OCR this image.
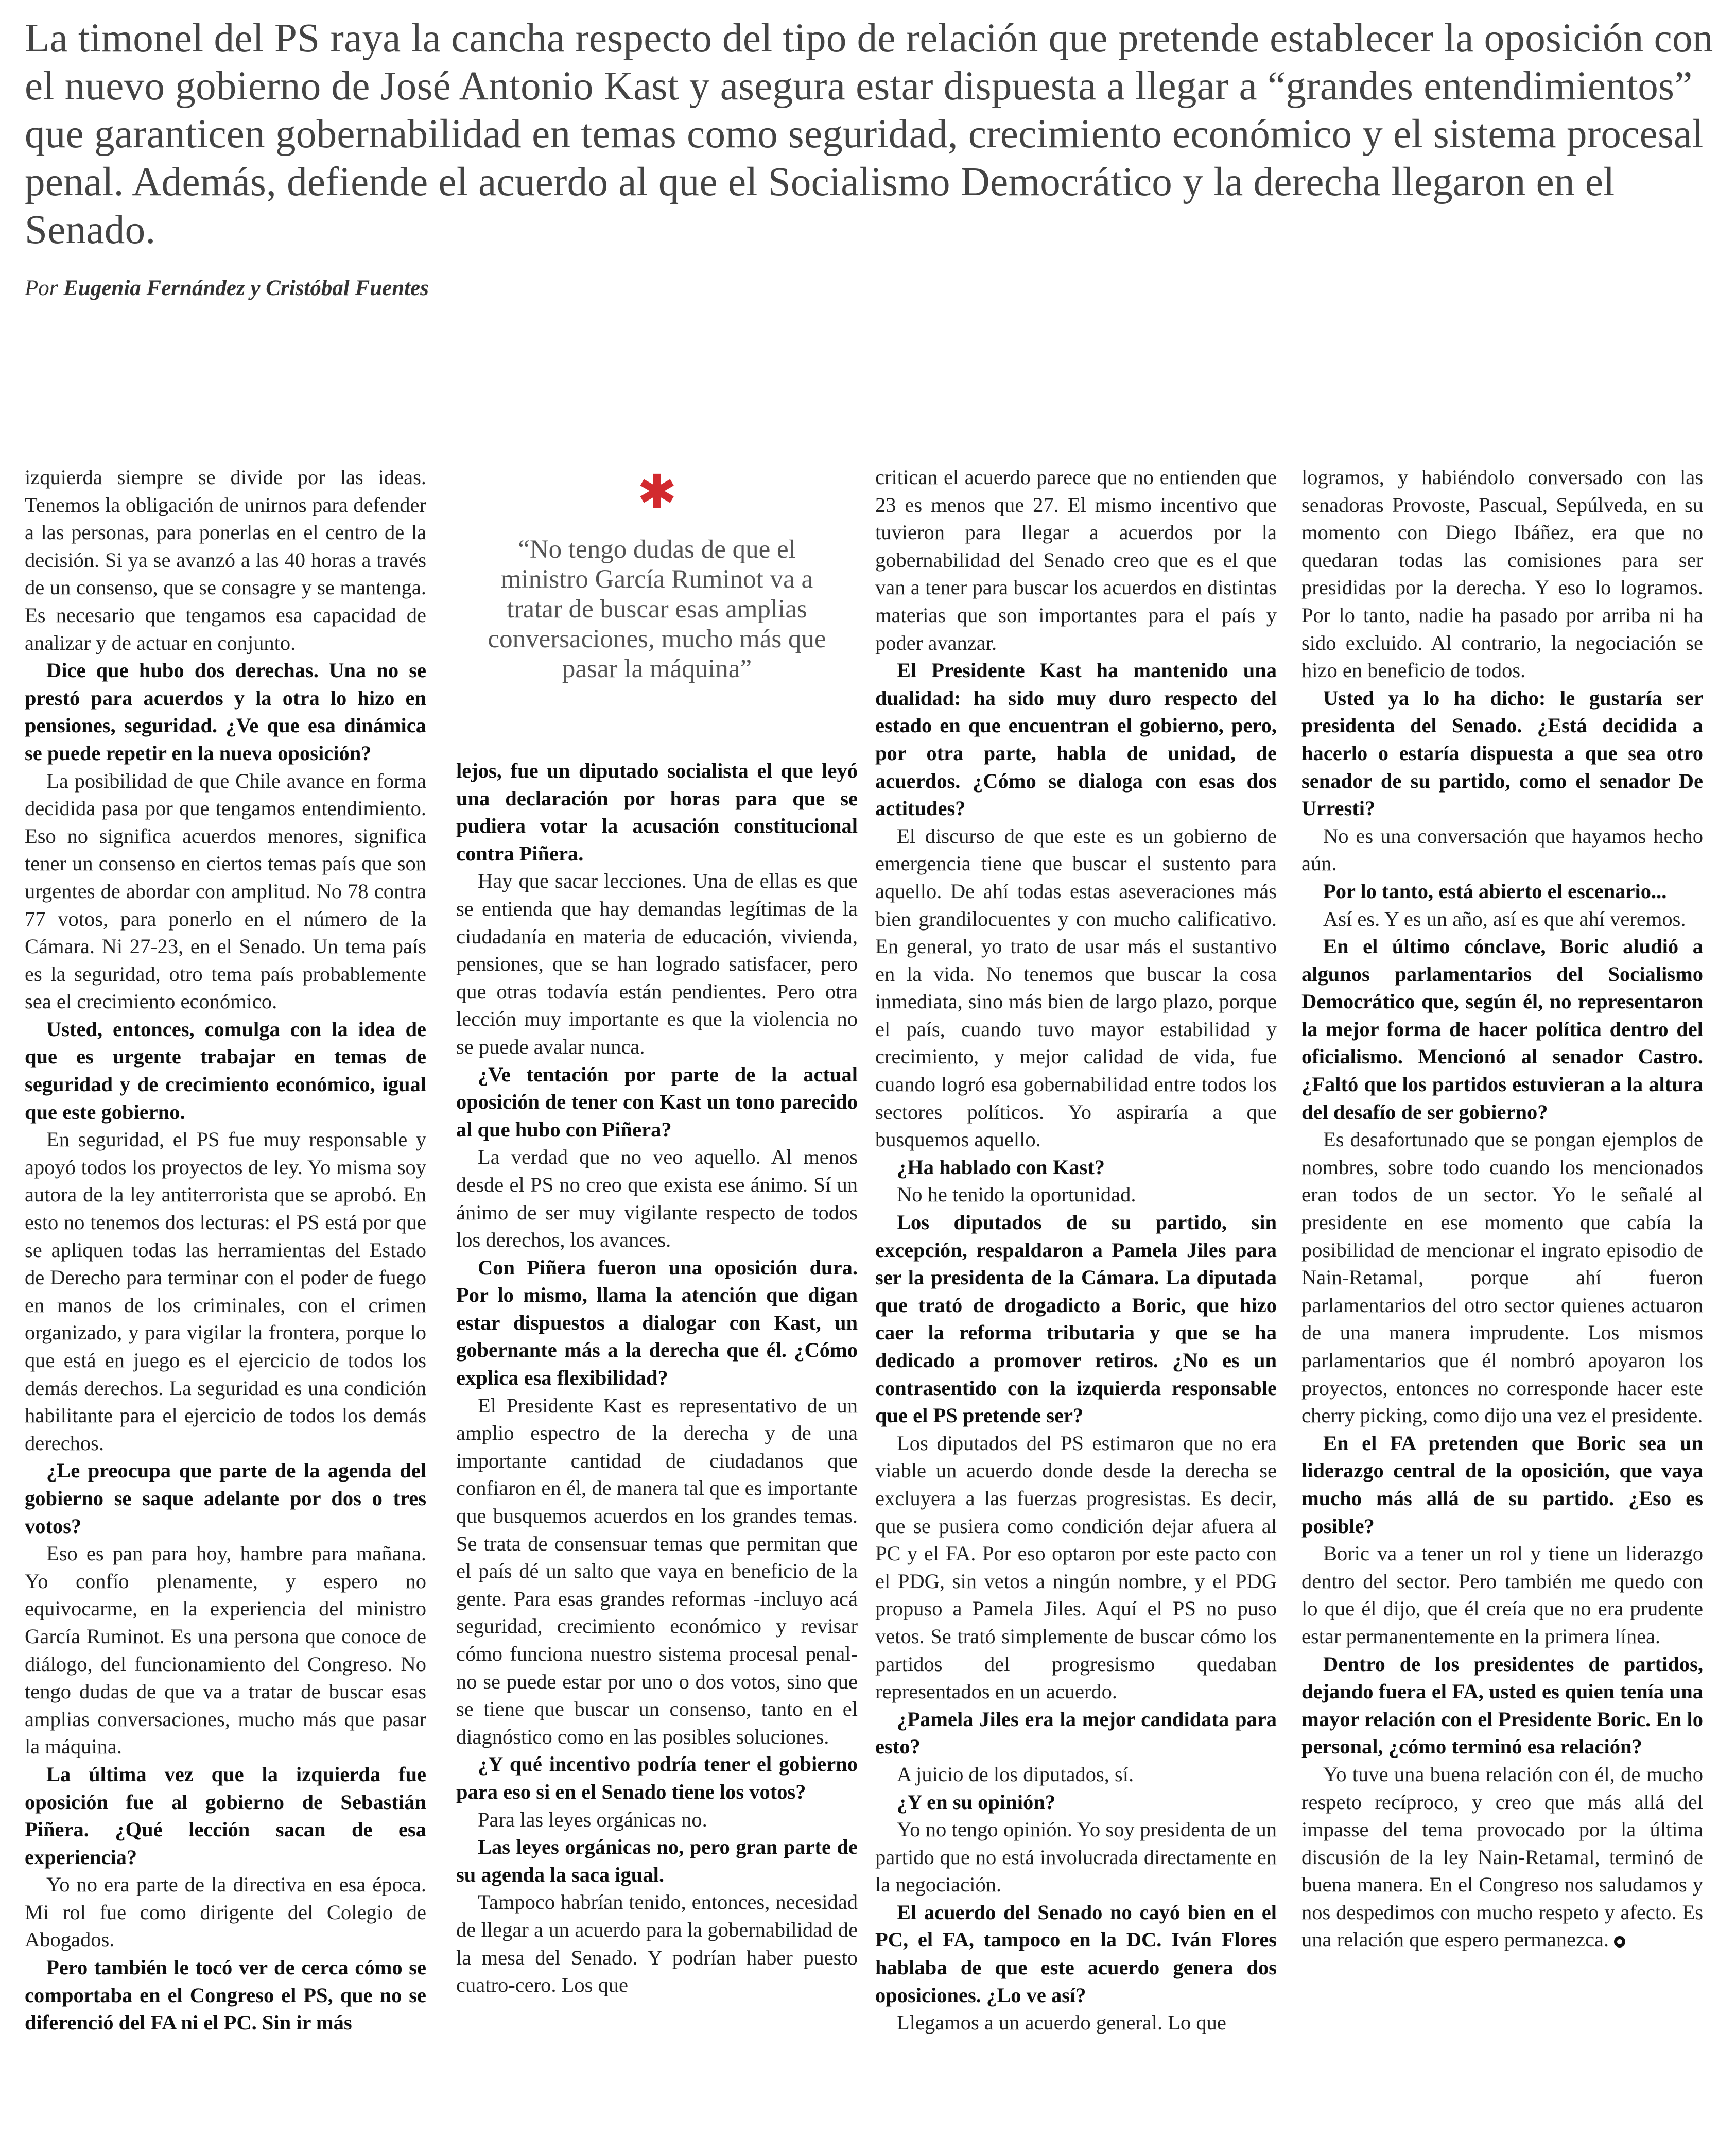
La timonel del PS raya la cancha respecto del tipo de relación que pretende establecer la oposición con el nuevo gobierno de José Antonio Kast y asegura estar dispuesta a llegar a “grandes entendimientos” que garanticen gobernabilidad en temas como seguridad, crecimiento económico y el sistema procesal penal. Además, defiende el acuerdo al que el Socialismo Democrático y la derecha llegaron en el Senado.
Por Eugenia Fernández y Cristóbal Fuentes

izquierda siempre se divide por las ideas. Tenemos la obligación de unirnos para defender a las personas, para ponerlas en el centro de la decisión. Si ya se avanzó a las 40 horas a través de un consenso, que se consagre y se mantenga. Es necesario que tengamos esa capacidad de analizar y de actuar en conjunto.

Dice que hubo dos derechas. Una no se prestó para acuerdos y la otra lo hizo en pensiones, seguridad. ¿Ve que esa dinámica se puede repetir en la nueva oposición?

La posibilidad de que Chile avance en forma decidida pasa por que tengamos entendimiento. Eso no significa acuerdos menores, significa tener un consenso en ciertos temas país que son urgentes de abordar con amplitud. No 78 contra 77 votos, para ponerlo en el número de la Cámara. Ni 27-23, en el Senado. Un tema país es la seguridad, otro tema país probablemente sea el crecimiento económico.

Usted, entonces, comulga con la idea de que es urgente trabajar en temas de seguridad y de crecimiento económico, igual que este gobierno.

En seguridad, el PS fue muy responsable y apoyó todos los proyectos de ley. Yo misma soy autora de la ley antiterrorista que se aprobó. En esto no tenemos dos lecturas: el PS está por que se apliquen todas las herramientas del Estado de Derecho para terminar con el poder de fuego en manos de los criminales, con el crimen organizado, y para vigilar la frontera, porque lo que está en juego es el ejercicio de todos los demás derechos. La seguridad es una condición habilitante para el ejercicio de todos los demás derechos.

¿Le preocupa que parte de la agenda del gobierno se saque adelante por dos o tres votos?

Eso es pan para hoy, hambre para mañana. Yo confío plenamente, y espero no equivocarme, en la experiencia del ministro García Ruminot. Es una persona que conoce de diálogo, del funcionamiento del Congreso. No tengo dudas de que va a tratar de buscar esas amplias conversaciones, mucho más que pasar la máquina.

La última vez que la izquierda fue oposición fue al gobierno de Sebastián Piñera. ¿Qué lección sacan de esa experiencia?

Yo no era parte de la directiva en esa época. Mi rol fue como dirigente del Colegio de Abogados.

Pero también le tocó ver de cerca cómo se comportaba en el Congreso el PS, que no se diferenció del FA ni el PC. Sin ir más

✱
“No tengo dudas de que el ministro García Ruminot va a tratar de buscar esas amplias conversaciones, mucho más que pasar la máquina”

lejos, fue un diputado socialista el que leyó una declaración por horas para que se pudiera votar la acusación constitucional contra Piñera.

Hay que sacar lecciones. Una de ellas es que se entienda que hay demandas legítimas de la ciudadanía en materia de educación, vivienda, pensiones, que se han logrado satisfacer, pero que otras todavía están pendientes. Pero otra lección muy importante es que la violencia no se puede avalar nunca.

¿Ve tentación por parte de la actual oposición de tener con Kast un tono parecido al que hubo con Piñera?

La verdad que no veo aquello. Al menos desde el PS no creo que exista ese ánimo. Sí un ánimo de ser muy vigilante respecto de todos los derechos, los avances.

Con Piñera fueron una oposición dura. Por lo mismo, llama la atención que digan estar dispuestos a dialogar con Kast, un gobernante más a la derecha que él. ¿Cómo explica esa flexibilidad?

El Presidente Kast es representativo de un amplio espectro de la derecha y de una importante cantidad de ciudadanos que confiaron en él, de manera tal que es importante que busquemos acuerdos en los grandes temas. Se trata de consensuar temas que permitan que el país dé un salto que vaya en beneficio de la gente. Para esas grandes reformas -incluyo acá seguridad, crecimiento económico y revisar cómo funciona nuestro sistema procesal penal- no se puede estar por uno o dos votos, sino que se tiene que buscar un consenso, tanto en el diagnóstico como en las posibles soluciones.

¿Y qué incentivo podría tener el gobierno para eso si en el Senado tiene los votos?

Para las leyes orgánicas no.

Las leyes orgánicas no, pero gran parte de su agenda la saca igual.

Tampoco habrían tenido, entonces, necesidad de llegar a un acuerdo para la gobernabilidad de la mesa del Senado. Y podrían haber puesto cuatro-cero. Los que

critican el acuerdo parece que no entienden que 23 es menos que 27. El mismo incentivo que tuvieron para llegar a acuerdos por la gobernabilidad del Senado creo que es el que van a tener para buscar los acuerdos en distintas materias que son importantes para el país y poder avanzar.

El Presidente Kast ha mantenido una dualidad: ha sido muy duro respecto del estado en que encuentran el gobierno, pero, por otra parte, habla de unidad, de acuerdos. ¿Cómo se dialoga con esas dos actitudes?

El discurso de que este es un gobierno de emergencia tiene que buscar el sustento para aquello. De ahí todas estas aseveraciones más bien grandilocuentes y con mucho calificativo. En general, yo trato de usar más el sustantivo en la vida. No tenemos que buscar la cosa inmediata, sino más bien de largo plazo, porque el país, cuando tuvo mayor estabilidad y crecimiento, y mejor calidad de vida, fue cuando logró esa gobernabilidad entre todos los sectores políticos. Yo aspiraría a que busquemos aquello.

¿Ha hablado con Kast?

No he tenido la oportunidad.

Los diputados de su partido, sin excepción, respaldaron a Pamela Jiles para ser la presidenta de la Cámara. La diputada que trató de drogadicto a Boric, que hizo caer la reforma tributaria y que se ha dedicado a promover retiros. ¿No es un contrasentido con la izquierda responsable que el PS pretende ser?

Los diputados del PS estimaron que no era viable un acuerdo donde desde la derecha se excluyera a las fuerzas progresistas. Es decir, que se pusiera como condición dejar afuera al PC y el FA. Por eso optaron por este pacto con el PDG, sin vetos a ningún nombre, y el PDG propuso a Pamela Jiles. Aquí el PS no puso vetos. Se trató simplemente de buscar cómo los partidos del progresismo quedaban representados en un acuerdo.

¿Pamela Jiles era la mejor candidata para esto?

A juicio de los diputados, sí.

¿Y en su opinión?

Yo no tengo opinión. Yo soy presidenta de un partido que no está involucrada directamente en la negociación.

El acuerdo del Senado no cayó bien en el PC, el FA, tampoco en la DC. Iván Flores hablaba de que este acuerdo genera dos oposiciones. ¿Lo ve así?

Llegamos a un acuerdo general. Lo que

logramos, y habiéndolo conversado con las senadoras Provoste, Pascual, Sepúlveda, en su momento con Diego Ibáñez, era que no quedaran todas las comisiones para ser presididas por la derecha. Y eso lo logramos. Por lo tanto, nadie ha pasado por arriba ni ha sido excluido. Al contrario, la negociación se hizo en beneficio de todos.

Usted ya lo ha dicho: le gustaría ser presidenta del Senado. ¿Está decidida a hacerlo o estaría dispuesta a que sea otro senador de su partido, como el senador De Urresti?

No es una conversación que hayamos hecho aún.

Por lo tanto, está abierto el escenario...

Así es. Y es un año, así es que ahí veremos.

En el último cónclave, Boric aludió a algunos parlamentarios del Socialismo Democrático que, según él, no representaron la mejor forma de hacer política dentro del oficialismo. Mencionó al senador Castro. ¿Faltó que los partidos estuvieran a la altura del desafío de ser gobierno?

Es desafortunado que se pongan ejemplos de nombres, sobre todo cuando los mencionados eran todos de un sector. Yo le señalé al presidente en ese momento que cabía la posibilidad de mencionar el ingrato episodio de Nain-Retamal, porque ahí fueron parlamentarios del otro sector quienes actuaron de una manera imprudente. Los mismos parlamentarios que él nombró apoyaron los proyectos, entonces no corresponde hacer este cherry picking, como dijo una vez el presidente.

En el FA pretenden que Boric sea un liderazgo central de la oposición, que vaya mucho más allá de su partido. ¿Eso es posible?

Boric va a tener un rol y tiene un liderazgo dentro del sector. Pero también me quedo con lo que él dijo, que él creía que no era prudente estar permanentemente en la primera línea.

Dentro de los presidentes de partidos, dejando fuera el FA, usted es quien tenía una mayor relación con el Presidente Boric. En lo personal, ¿cómo terminó esa relación?

Yo tuve una buena relación con él, de mucho respeto recíproco, y creo que más allá del impasse del tema provocado por la última discusión de la ley Nain-Retamal, terminó de buena manera. En el Congreso nos saludamos y nos despedimos con mucho respeto y afecto. Es una relación que espero permanezca.
